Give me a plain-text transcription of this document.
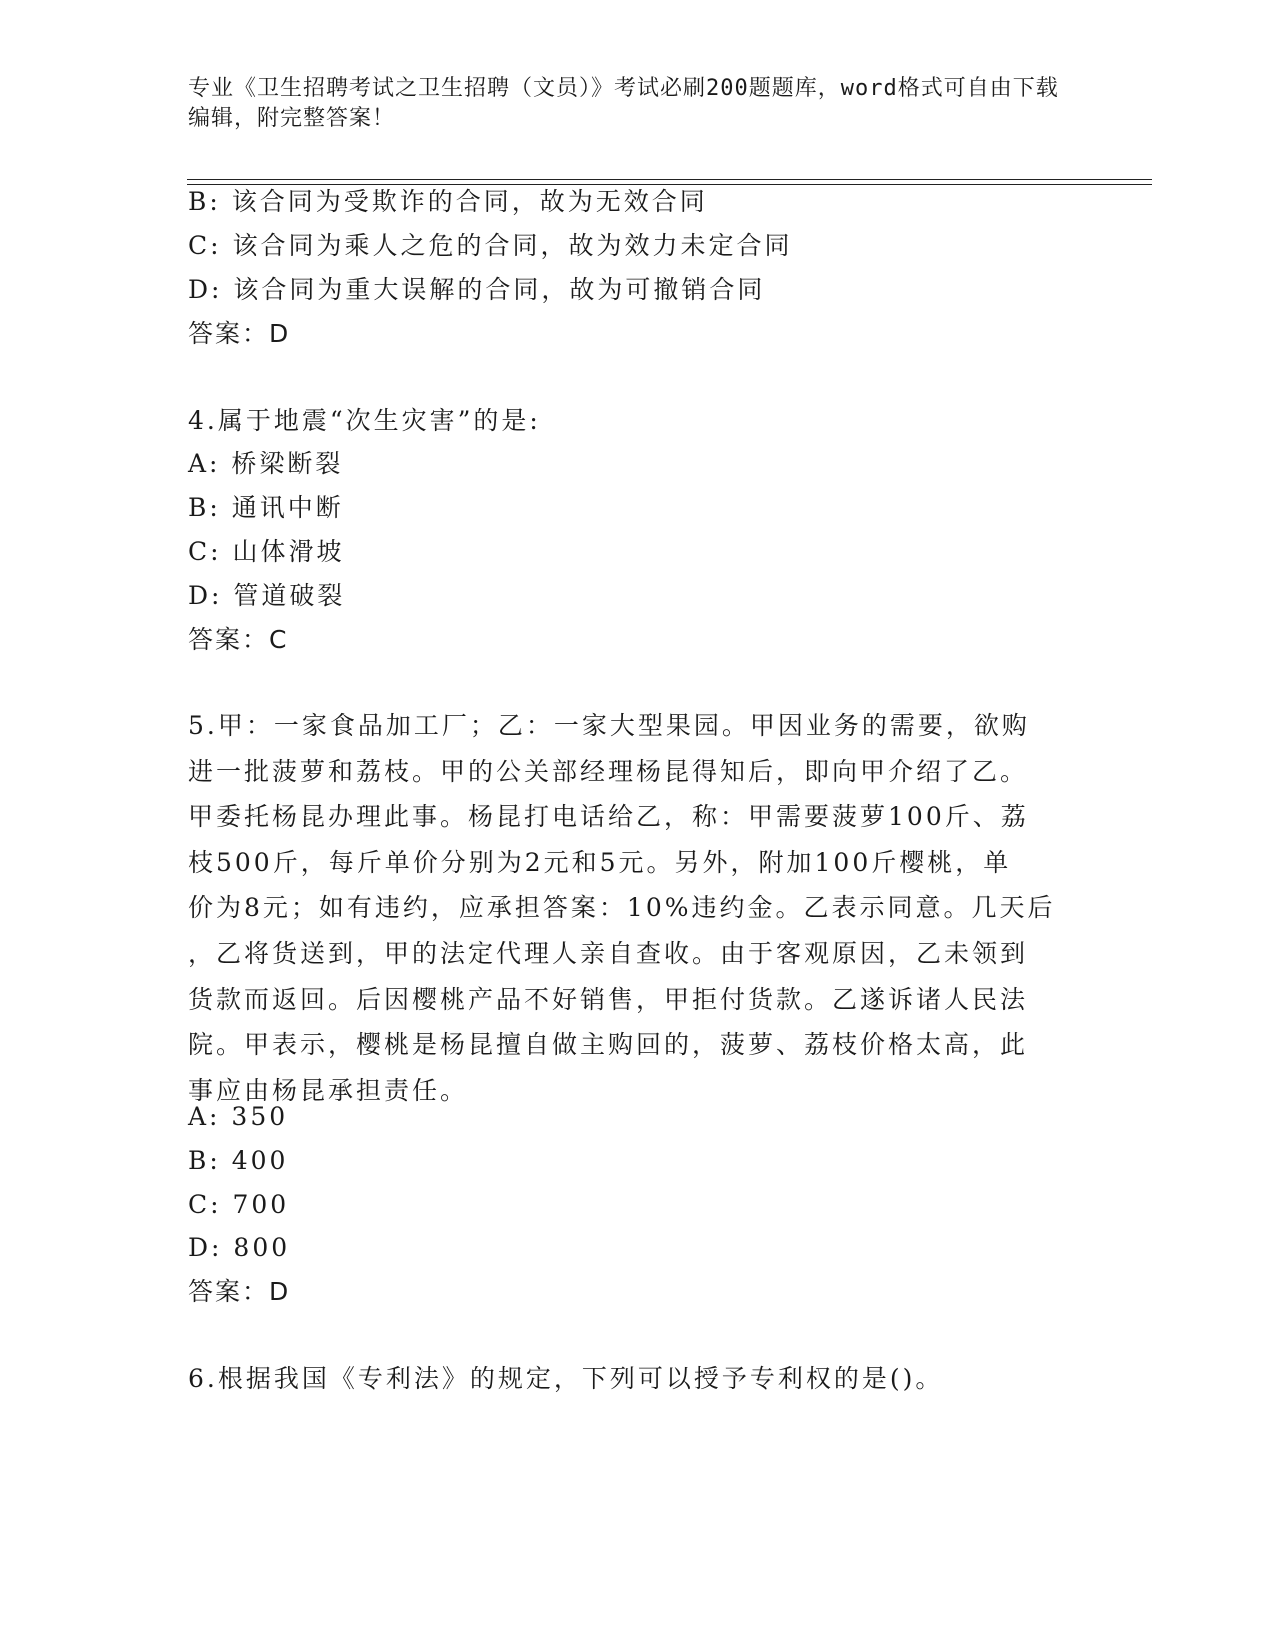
专业《卫生招聘考试之卫生招聘（文员）》考试必刷200题题库，word格式可自由下载编辑，附完整答案！
B: 该合同为受欺诈的合同，故为无效合同
C: 该合同为乘人之危的合同，故为效力未定合同
D: 该合同为重大误解的合同，故为可撤销合同
答案：D
4.属于地震“次生灾害”的是:
A: 桥梁断裂
B: 通讯中断
C: 山体滑坡
D: 管道破裂
答案：C
5.甲：一家食品加工厂；乙：一家大型果园。甲因业务的需要，欲购
进一批菠萝和荔枝。甲的公关部经理杨昆得知后，即向甲介绍了乙。
甲委托杨昆办理此事。杨昆打电话给乙，称：甲需要菠萝100斤、荔
枝500斤，每斤单价分别为2元和5元。另外，附加100斤樱桃，单
价为8元；如有违约，应承担答案：10%违约金。乙表示同意。几天后
，乙将货送到，甲的法定代理人亲自查收。由于客观原因，乙未领到
货款而返回。后因樱桃产品不好销售，甲拒付货款。乙遂诉诸人民法
院。甲表示，樱桃是杨昆擅自做主购回的，菠萝、荔枝价格太高，此
事应由杨昆承担责任。
A: 350
B: 400
C: 700
D: 800
答案：D
6.根据我国《专利法》的规定，下列可以授予专利权的是()。
